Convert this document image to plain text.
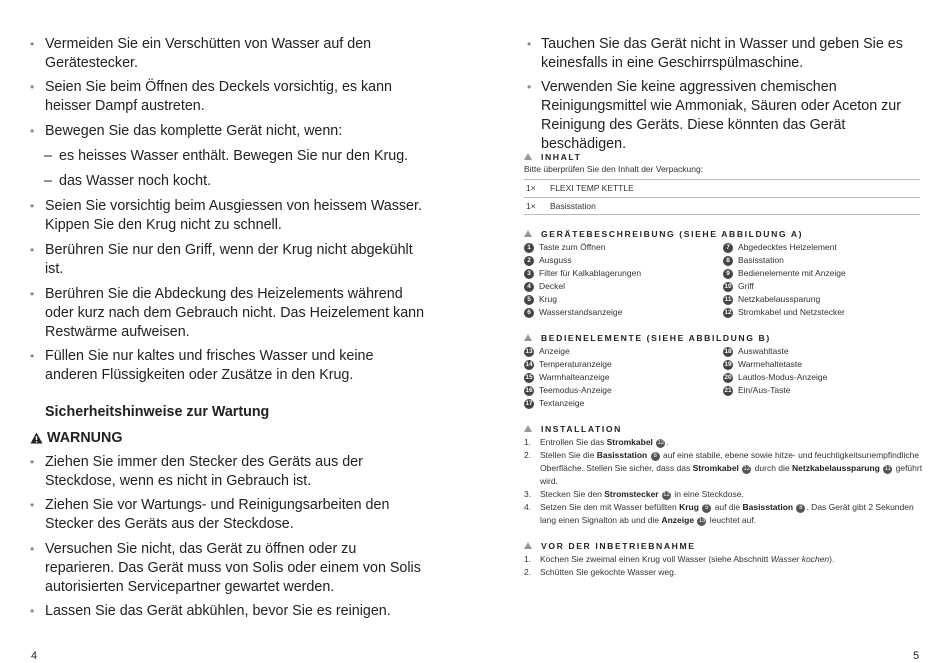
• Vermeiden Sie ein Verschütten von Wasser auf den Gerätestecker.
• Seien Sie beim Öffnen des Deckels vorsichtig, es kann heisser Dampf austreten.
• Bewegen Sie das komplette Gerät nicht, wenn:
– es heisses Wasser enthält. Bewegen Sie nur den Krug.
– das Wasser noch kocht.
• Seien Sie vorsichtig beim Ausgiessen von heissem Wasser. Kippen Sie den Krug nicht zu schnell.
• Berühren Sie nur den Griff, wenn der Krug nicht abgekühlt ist.
• Berühren Sie die Abdeckung des Heizelements während oder kurz nach dem Gebrauch nicht. Das Heizelement kann Restwärme aufweisen.
• Füllen Sie nur kaltes und frisches Wasser und keine anderen Flüssigkeiten oder Zusätze in den Krug.
Sicherheitshinweise zur Wartung
WARNUNG
• Ziehen Sie immer den Stecker des Geräts aus der Steckdose, wenn es nicht in Gebrauch ist.
• Ziehen Sie vor Wartungs- und Reinigungsarbeiten den Stecker des Geräts aus der Steckdose.
• Versuchen Sie nicht, das Gerät zu öffnen oder zu reparieren. Das Gerät muss von Solis oder einem von Solis autorisierten Servicepartner gewartet werden.
• Lassen Sie das Gerät abkühlen, bevor Sie es reinigen.
4
• Tauchen Sie das Gerät nicht in Wasser und geben Sie es keinesfalls in eine Geschirrspülmaschine.
• Verwenden Sie keine aggressiven chemischen Reinigungsmittel wie Ammoniak, Säuren oder Aceton zur Reinigung des Geräts. Diese könnten das Gerät beschädigen.
INHALT
Bitte überprüfen Sie den Inhalt der Verpackung:
1× FLEXI TEMP KETTLE
1× Basisstation
GERÄTEBESCHREIBUNG (SIEHE ABBILDUNG A)
1 Taste zum Öffnen
2 Ausguss
3 Filter für Kalkablagerungen
4 Deckel
5 Krug
6 Wasserstandsanzeige
7 Abgedecktes Heizelement
8 Basisstation
9 Bedienelemente mit Anzeige
10 Griff
11 Netzkabelaussparung
12 Stromkabel und Netzstecker
BEDIENELEMENTE (SIEHE ABBILDUNG B)
13 Anzeige
14 Temperaturanzeige
15 Warmhalteanzeige
16 Teemodus-Anzeige
17 Textanzeige
18 Auswahltaste
19 Warmehaltetaste
20 Lautlos-Modus-Anzeige
21 Ein/Aus-Taste
INSTALLATION
1. Entrollen Sie das Stromkabel 12 .
2. Stellen Sie die Basisstation 8 auf eine stabile, ebene sowie hitze- und feuchtigkeitsunempfindliche Oberfläche. Stellen Sie sicher, dass das Stromkabel 12 durch die Netzkabelaussparung 11 geführt wird.
3. Stecken Sie den Stromstecker 12 in eine Steckdose.
4. Setzen Sie den mit Wasser befüllten Krug 5 auf die Basisstation 8 . Das Gerät gibt 2 Sekunden lang einen Signalton ab und die Anzeige 13 leuchtet auf.
VOR DER INBETRIEBNAHME
1. Kochen Sie zweimal einen Krug voll Wasser (siehe Abschnitt Wasser kochen).
2. Schütten Sie gekochte Wasser weg.
5
